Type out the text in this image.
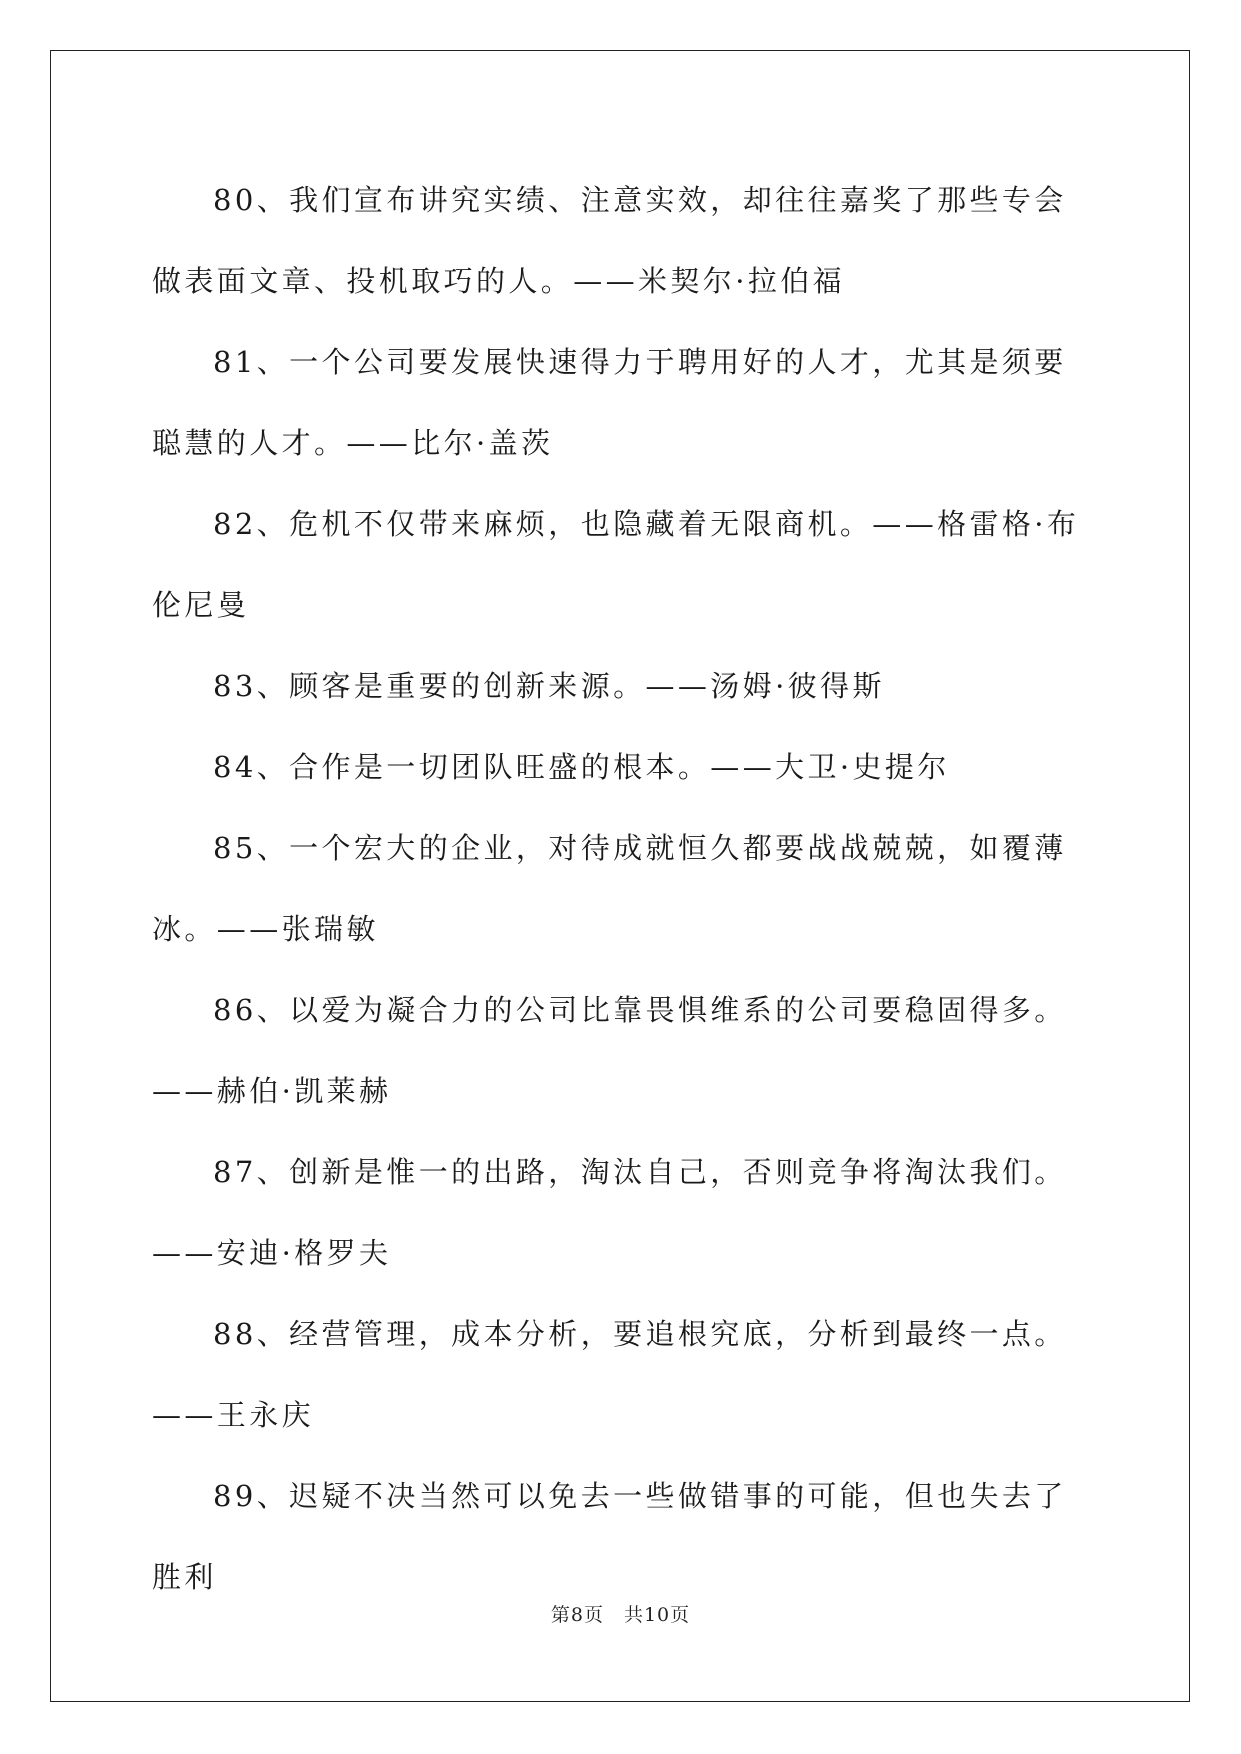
80、我们宣布讲究实绩、注意实效，却往往嘉奖了那些专会做表面文章、投机取巧的人。——米契尔·拉伯福

81、一个公司要发展快速得力于聘用好的人才，尤其是须要聪慧的人才。——比尔·盖茨

82、危机不仅带来麻烦，也隐藏着无限商机。——格雷格·布伦尼曼

83、顾客是重要的创新来源。——汤姆·彼得斯

84、合作是一切团队旺盛的根本。——大卫·史提尔

85、一个宏大的企业，对待成就恒久都要战战兢兢，如覆薄冰。——张瑞敏

86、以爱为凝合力的公司比靠畏惧维系的公司要稳固得多。——赫伯·凯莱赫

87、创新是惟一的出路，淘汰自己，否则竞争将淘汰我们。——安迪·格罗夫

88、经营管理，成本分析，要追根究底，分析到最终一点。——王永庆

89、迟疑不决当然可以免去一些做错事的可能，但也失去了胜利

第8页　共10页
